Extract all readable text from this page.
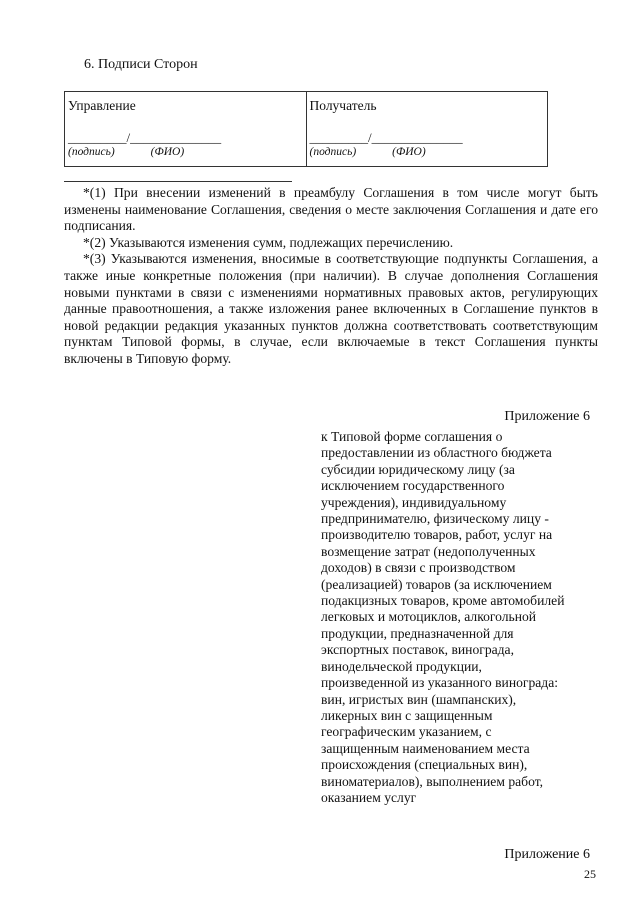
6. Подписи Сторон
Управление
_________/______________
(подпись)	(ФИО)

Получатель
_________/______________
(подпись)	(ФИО)

*(1) При внесении изменений в преамбулу Соглашения в том числе могут быть изменены наименование Соглашения, сведения о месте заключения Соглашения и дате его подписания.

*(2) Указываются изменения сумм, подлежащих перечислению.

*(3) Указываются изменения, вносимые в соответствующие подпункты Соглашения, а также иные конкретные положения (при наличии). В случае дополнения Соглашения новыми пунктами в связи с изменениями нормативных правовых актов, регулирующих данные правоотношения, а также изложения ранее включенных в Соглашение пунктов в новой редакции редакция указанных пунктов должна соответствовать соответствующим пунктам Типовой формы, в случае, если включаемые в текст Соглашения пункты включены в Типовую форму.

Приложение 6
к Типовой форме соглашения о
предоставлении из областного бюджета
субсидии юридическому лицу (за
исключением государственного
учреждения), индивидуальному
предпринимателю, физическому лицу -
производителю товаров, работ, услуг на
возмещение затрат (недополученных
доходов) в связи с производством
(реализацией) товаров (за исключением
подакцизных товаров, кроме автомобилей
легковых и мотоциклов, алкогольной
продукции, предназначенной для
экспортных поставок, винограда,
винодельческой продукции,
произведенной из указанного винограда:
вин, игристых вин (шампанских),
ликерных вин с защищенным
географическим указанием, с
защищенным наименованием места
происхождения (специальных вин),
виноматериалов), выполнением работ,
оказанием услуг
Приложение 6
25
